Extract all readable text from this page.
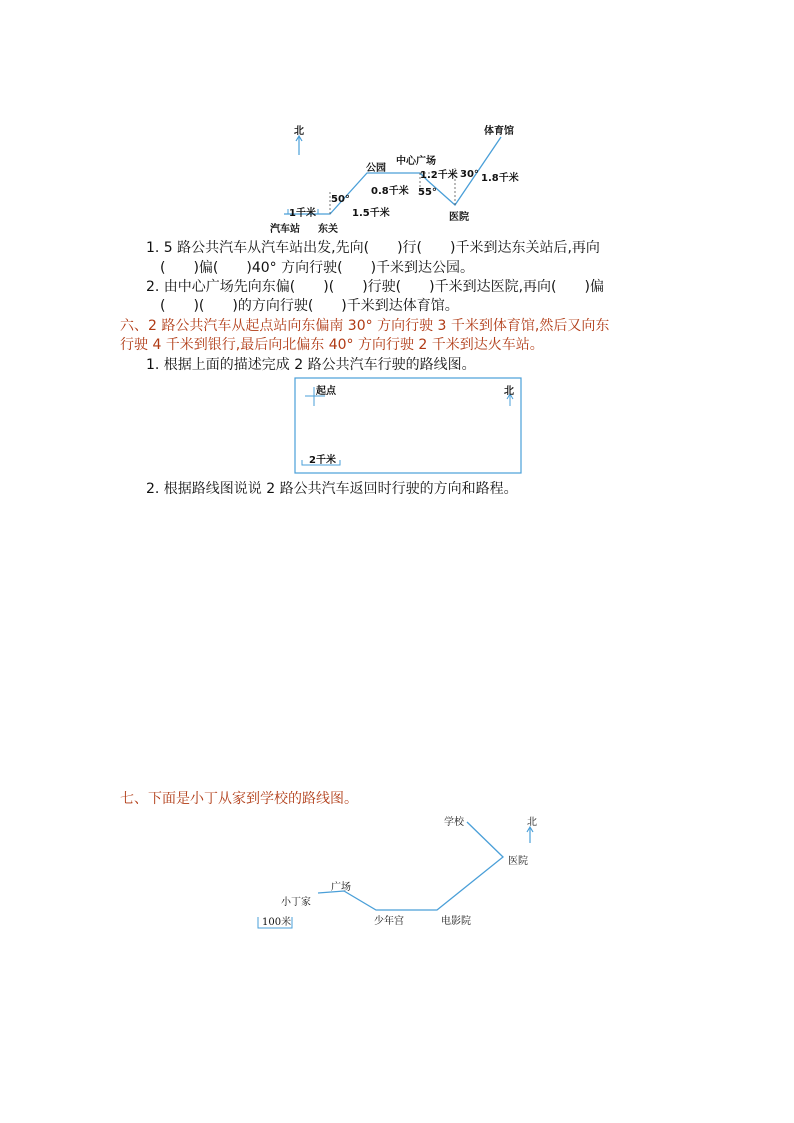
北	体育馆
中心广场
公园
1.2千米
0.8千米
30° 1.8千米
55°
50°
1.5千米
1千米	医院
汽车站 东关
1. 5 路公共汽车从汽车站出发,先向(　　)行(　　)千米到达东关站后,再向
(　　)偏(　　)40° 方向行驶(　　)千米到达公园。
2. 由中心广场先向东偏(　　)(　　)行驶(　　)千米到达医院,再向(　　)偏
(　　)(　　)的方向行驶(　　)千米到达体育馆。
六、2 路公共汽车从起点站向东偏南 30° 方向行驶 3 千米到体育馆,然后又向东
行驶 4 千米到银行,最后向北偏东 40° 方向行驶 2 千米到达火车站。
1. 根据上面的描述完成 2 路公共汽车行驶的路线图。
起点	北
2千米
2. 根据路线图说说 2 路公共汽车返回时行驶的方向和路程。
七、下面是小丁从家到学校的路线图。
学校	北
医院
广场
小丁家
少年宫	电影院
100米
